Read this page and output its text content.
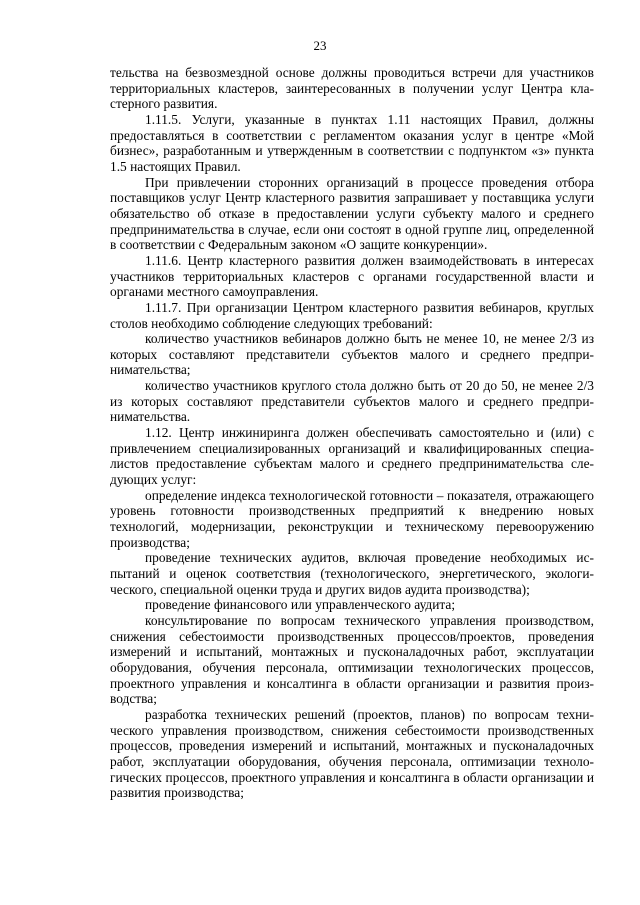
23

тельства на безвозмездной основе должны проводиться встречи для участников территориальных кластеров, заинтересованных в получении услуг Центра кластерного развития.

1.11.5. Услуги, указанные в пунктах 1.11 настоящих Правил, должны предоставляться в соответствии с регламентом оказания услуг в центре «Мой бизнес», разработанным и утвержденным в соответствии с подпунктом «з» пункта 1.5 настоящих Правил.

При привлечении сторонних организаций в процессе проведения отбора поставщиков услуг Центр кластерного развития запрашивает у поставщика услуги обязательство об отказе в предоставлении услуги субъекту малого и среднего предпринимательства в случае, если они состоят в одной группе лиц, определенной в соответствии с Федеральным законом «О защите конкуренции».

1.11.6. Центр кластерного развития должен взаимодействовать в интересах участников территориальных кластеров с органами государственной власти и органами местного самоуправления.

1.11.7. При организации Центром кластерного развития вебинаров, круглых столов необходимо соблюдение следующих требований:

количество участников вебинаров должно быть не менее 10, не менее 2/3 из которых составляют представители субъектов малого и среднего предпринимательства;

количество участников круглого стола должно быть от 20 до 50, не менее 2/3 из которых составляют представители субъектов малого и среднего предпринимательства.

1.12. Центр инжиниринга должен обеспечивать самостоятельно и (или) с привлечением специализированных организаций и квалифицированных специалистов предоставление субъектам малого и среднего предпринимательства следующих услуг:

определение индекса технологической готовности – показателя, отражающего уровень готовности производственных предприятий к внедрению новых технологий, модернизации, реконструкции и техническому перевооружению производства;

проведение технических аудитов, включая проведение необходимых испытаний и оценок соответствия (технологического, энергетического, экологического, специальной оценки труда и других видов аудита производства);

проведение финансового или управленческого аудита;

консультирование по вопросам технического управления производством, снижения себестоимости производственных процессов/проектов, проведения измерений и испытаний, монтажных и пусконаладочных работ, эксплуатации оборудования, обучения персонала, оптимизации технологических процессов, проектного управления и консалтинга в области организации и развития производства;

разработка технических решений (проектов, планов) по вопросам технического управления производством, снижения себестоимости производственных процессов, проведения измерений и испытаний, монтажных и пусконаладочных работ, эксплуатации оборудования, обучения персонала, оптимизации технологических процессов, проектного управления и консалтинга в области организации и развития производства;
